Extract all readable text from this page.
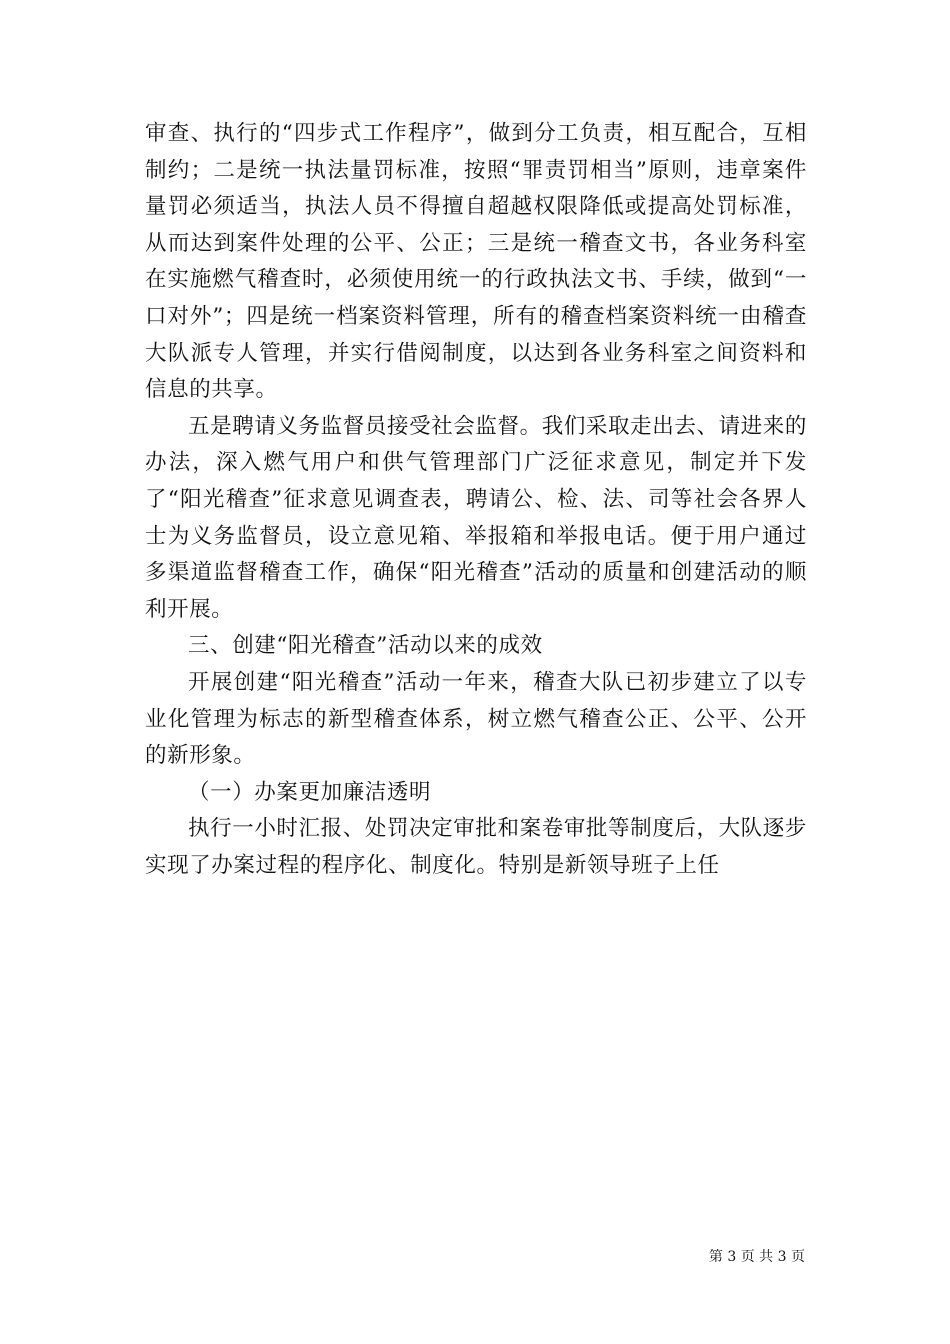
审查、执行的“四步式工作程序”，做到分工负责，相互配合，互相制约；二是统一执法量罚标准，按照“罪责罚相当”原则，违章案件量罚必须适当，执法人员不得擅自超越权限降低或提高处罚标准，从而达到案件处理的公平、公正；三是统一稽查文书，各业务科室在实施燃气稽查时，必须使用统一的行政执法文书、手续，做到“一口对外”；四是统一档案资料管理，所有的稽查档案资料统一由稽查大队派专人管理，并实行借阅制度，以达到各业务科室之间资料和信息的共享。

五是聘请义务监督员接受社会监督。我们采取走出去、请进来的办法，深入燃气用户和供气管理部门广泛征求意见，制定并下发了“阳光稽查”征求意见调查表，聘请公、检、法、司等社会各界人士为义务监督员，设立意见箱、举报箱和举报电话。便于用户通过多渠道监督稽查工作，确保“阳光稽查”活动的质量和创建活动的顺利开展。

三、创建“阳光稽查”活动以来的成效

开展创建“阳光稽查”活动一年来，稽查大队已初步建立了以专业化管理为标志的新型稽查体系，树立燃气稽查公正、公平、公开的新形象。

（一）办案更加廉洁透明

执行一小时汇报、处罚决定审批和案卷审批等制度后，大队逐步实现了办案过程的程序化、制度化。特别是新领导班子上任

第 3 页 共 3 页
